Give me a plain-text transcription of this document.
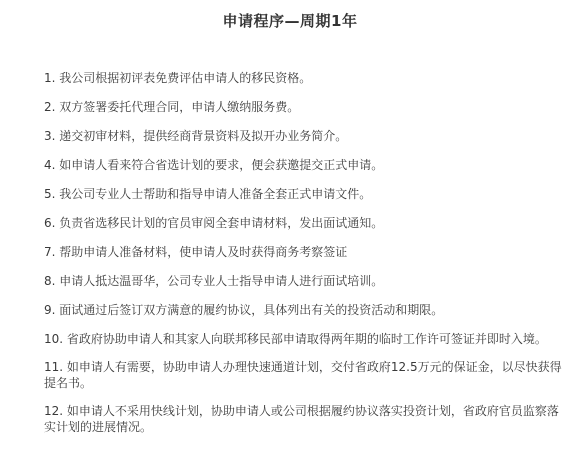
申请程序—周期1年
1. 我公司根据初评表免费评估申请人的移民资格。
2. 双方签署委托代理合同，申请人缴纳服务费。
3. 递交初审材料，提供经商背景资料及拟开办业务简介。
4. 如申请人看来符合省选计划的要求，便会获邀提交正式申请。
5. 我公司专业人士帮助和指导申请人准备全套正式申请文件。
6. 负责省选移民计划的官员审阅全套申请材料，发出面试通知。
7. 帮助申请人准备材料，使申请人及时获得商务考察签证
8. 申请人抵达温哥华，公司专业人士指导申请人进行面试培训。
9. 面试通过后签订双方满意的履约协议，具体列出有关的投资活动和期限。
10. 省政府协助申请人和其家人向联邦移民部申请取得两年期的临时工作许可签证并即时入境。
11. 如申请人有需要，协助申请人办理快速通道计划，交付省政府12.5万元的保证金，以尽快获得提名书。
12. 如申请人不采用快线计划，协助申请人或公司根据履约协议落实投资计划，省政府官员监察落实计划的进展情况。
